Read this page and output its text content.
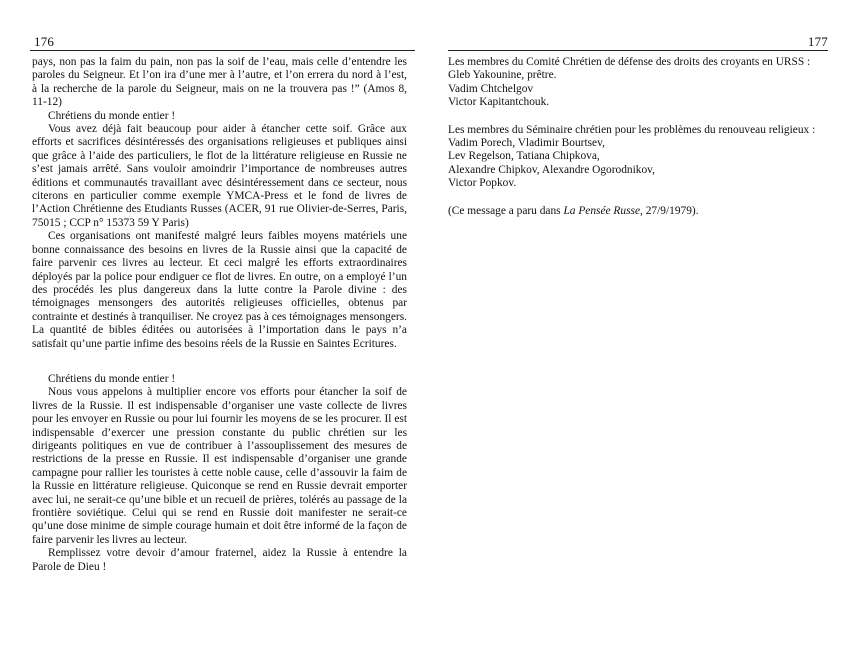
176

pays, non pas la faim du pain, non pas la soif de l’eau, mais celle d’entendre les paroles du Seigneur. Et l’on ira d’une mer à l’autre, et l’on errera du nord à l’est, à la recherche de la parole du Seigneur, mais on ne la trouvera pas !” (Amos 8, 11-12)

Chrétiens du monde entier !

Vous avez déjà fait beaucoup pour aider à étancher cette soif. Grâce aux efforts et sacrifices désintéressés des organisations religieuses et publiques ainsi que grâce à l’aide des particuliers, le flot de la littérature religieuse en Russie ne s’est jamais arrêté. Sans vouloir amoindrir l’importance de nombreuses autres éditions et communautés travaillant avec désintéressement dans ce secteur, nous citerons en particulier comme exemple YMCA-Press et le fond de livres de l’Action Chrétienne des Etudiants Russes (ACER, 91 rue Olivier-de-Serres, Paris, 75015 ; CCP n° 15373 59 Y Paris)

Ces organisations ont manifesté malgré leurs faibles moyens matériels une bonne connaissance des besoins en livres de la Russie ainsi que la capacité de faire parvenir ces livres au lecteur. Et ceci malgré les efforts extraordinaires déployés par la police pour endiguer ce flot de livres. En outre, on a employé l’un des procédés les plus dangereux dans la lutte contre la Parole divine : des témoignages mensongers des autorités religieuses officielles, obtenus par contrainte et destinés à tranquiliser. Ne croyez pas à ces témoignages mensongers. La quantité de bibles éditées ou autorisées à l’importation dans le pays n’a satisfait qu’une partie infime des besoins réels de la Russie en Saintes Ecritures.

Chrétiens du monde entier !

Nous vous appelons à multiplier encore vos efforts pour étancher la soif de livres de la Russie. Il est indispensable d’organiser une vaste collecte de livres pour les envoyer en Russie ou pour lui fournir les moyens de se les procurer. Il est indispensable d’exercer une pression constante du public chrétien sur les dirigeants politiques en vue de contribuer à l’assouplissement des mesures de restrictions de la presse en Russie. Il est indispensable d’organiser une grande campagne pour rallier les touristes à cette noble cause, celle d’assouvir la faim de la Russie en littérature religieuse. Quiconque se rend en Russie devrait emporter avec lui, ne serait-ce qu’une bible et un recueil de prières, tolérés au passage de la frontière soviétique. Celui qui se rend en Russie doit manifester ne serait-ce qu’une dose minime de simple courage humain et doit être informé de la façon de faire parvenir les livres au lecteur.

Remplissez votre devoir d’amour fraternel, aidez la Russie à entendre la Parole de Dieu !

177

Les membres du Comité Chrétien de défense des droits des croyants en URSS :

Gleb Yakounine, prêtre.

Vadim Chtchelgov

Victor Kapitantchouk.

Les membres du Séminaire chrétien pour les problèmes du renouveau religieux :

Vadim Porech, Vladimir Bourtsev,

Lev Regelson, Tatiana Chipkova,

Alexandre Chipkov, Alexandre Ogorodnikov,

Victor Popkov.

(Ce message a paru dans La Pensée Russe, 27/9/1979).
